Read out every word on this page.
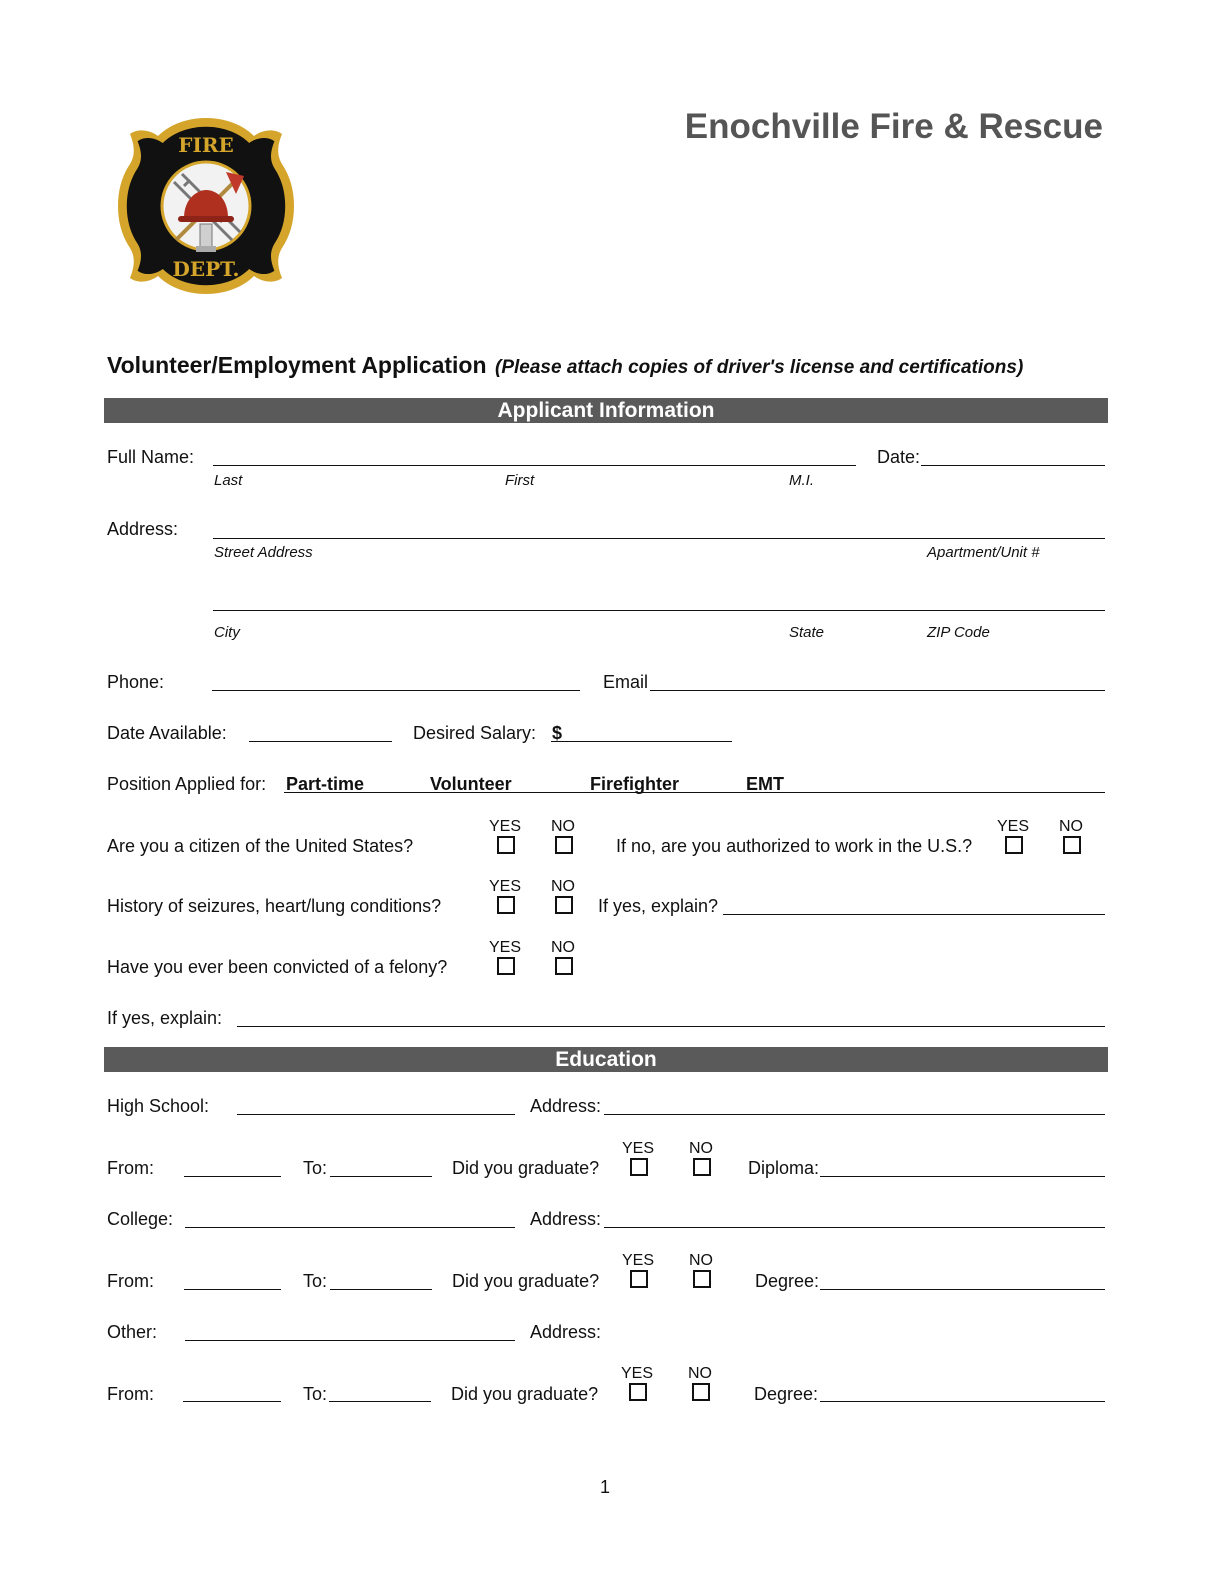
FIRE
DEPT.
Enochville Fire & Rescue
Volunteer/Employment Application (Please attach copies of driver's license and certifications)
Applicant Information
Full Name:
Last	First	M.I.
Date:
Address:
Street Address	Apartment/Unit #
City	State	ZIP Code
Phone:	Email
Date Available:	Desired Salary: $
Position Applied for: Part-time	Volunteer	Firefighter	EMT
Are you a citizen of the United States?
YES	NO
If no, are you authorized to work in the U.S.?
YES	NO
History of seizures, heart/lung conditions?
YES	NO
If yes, explain?
Have you ever been convicted of a felony?
YES	NO
If yes, explain:
Education
High School:	Address:
From:	To:	Did you graduate?
YES	NO
Diploma:
College:	Address:
From:	To:	Did you graduate?
YES	NO
Degree:
Other:	Address:
From:	To:	Did you graduate?
YES	NO
Degree:
1
